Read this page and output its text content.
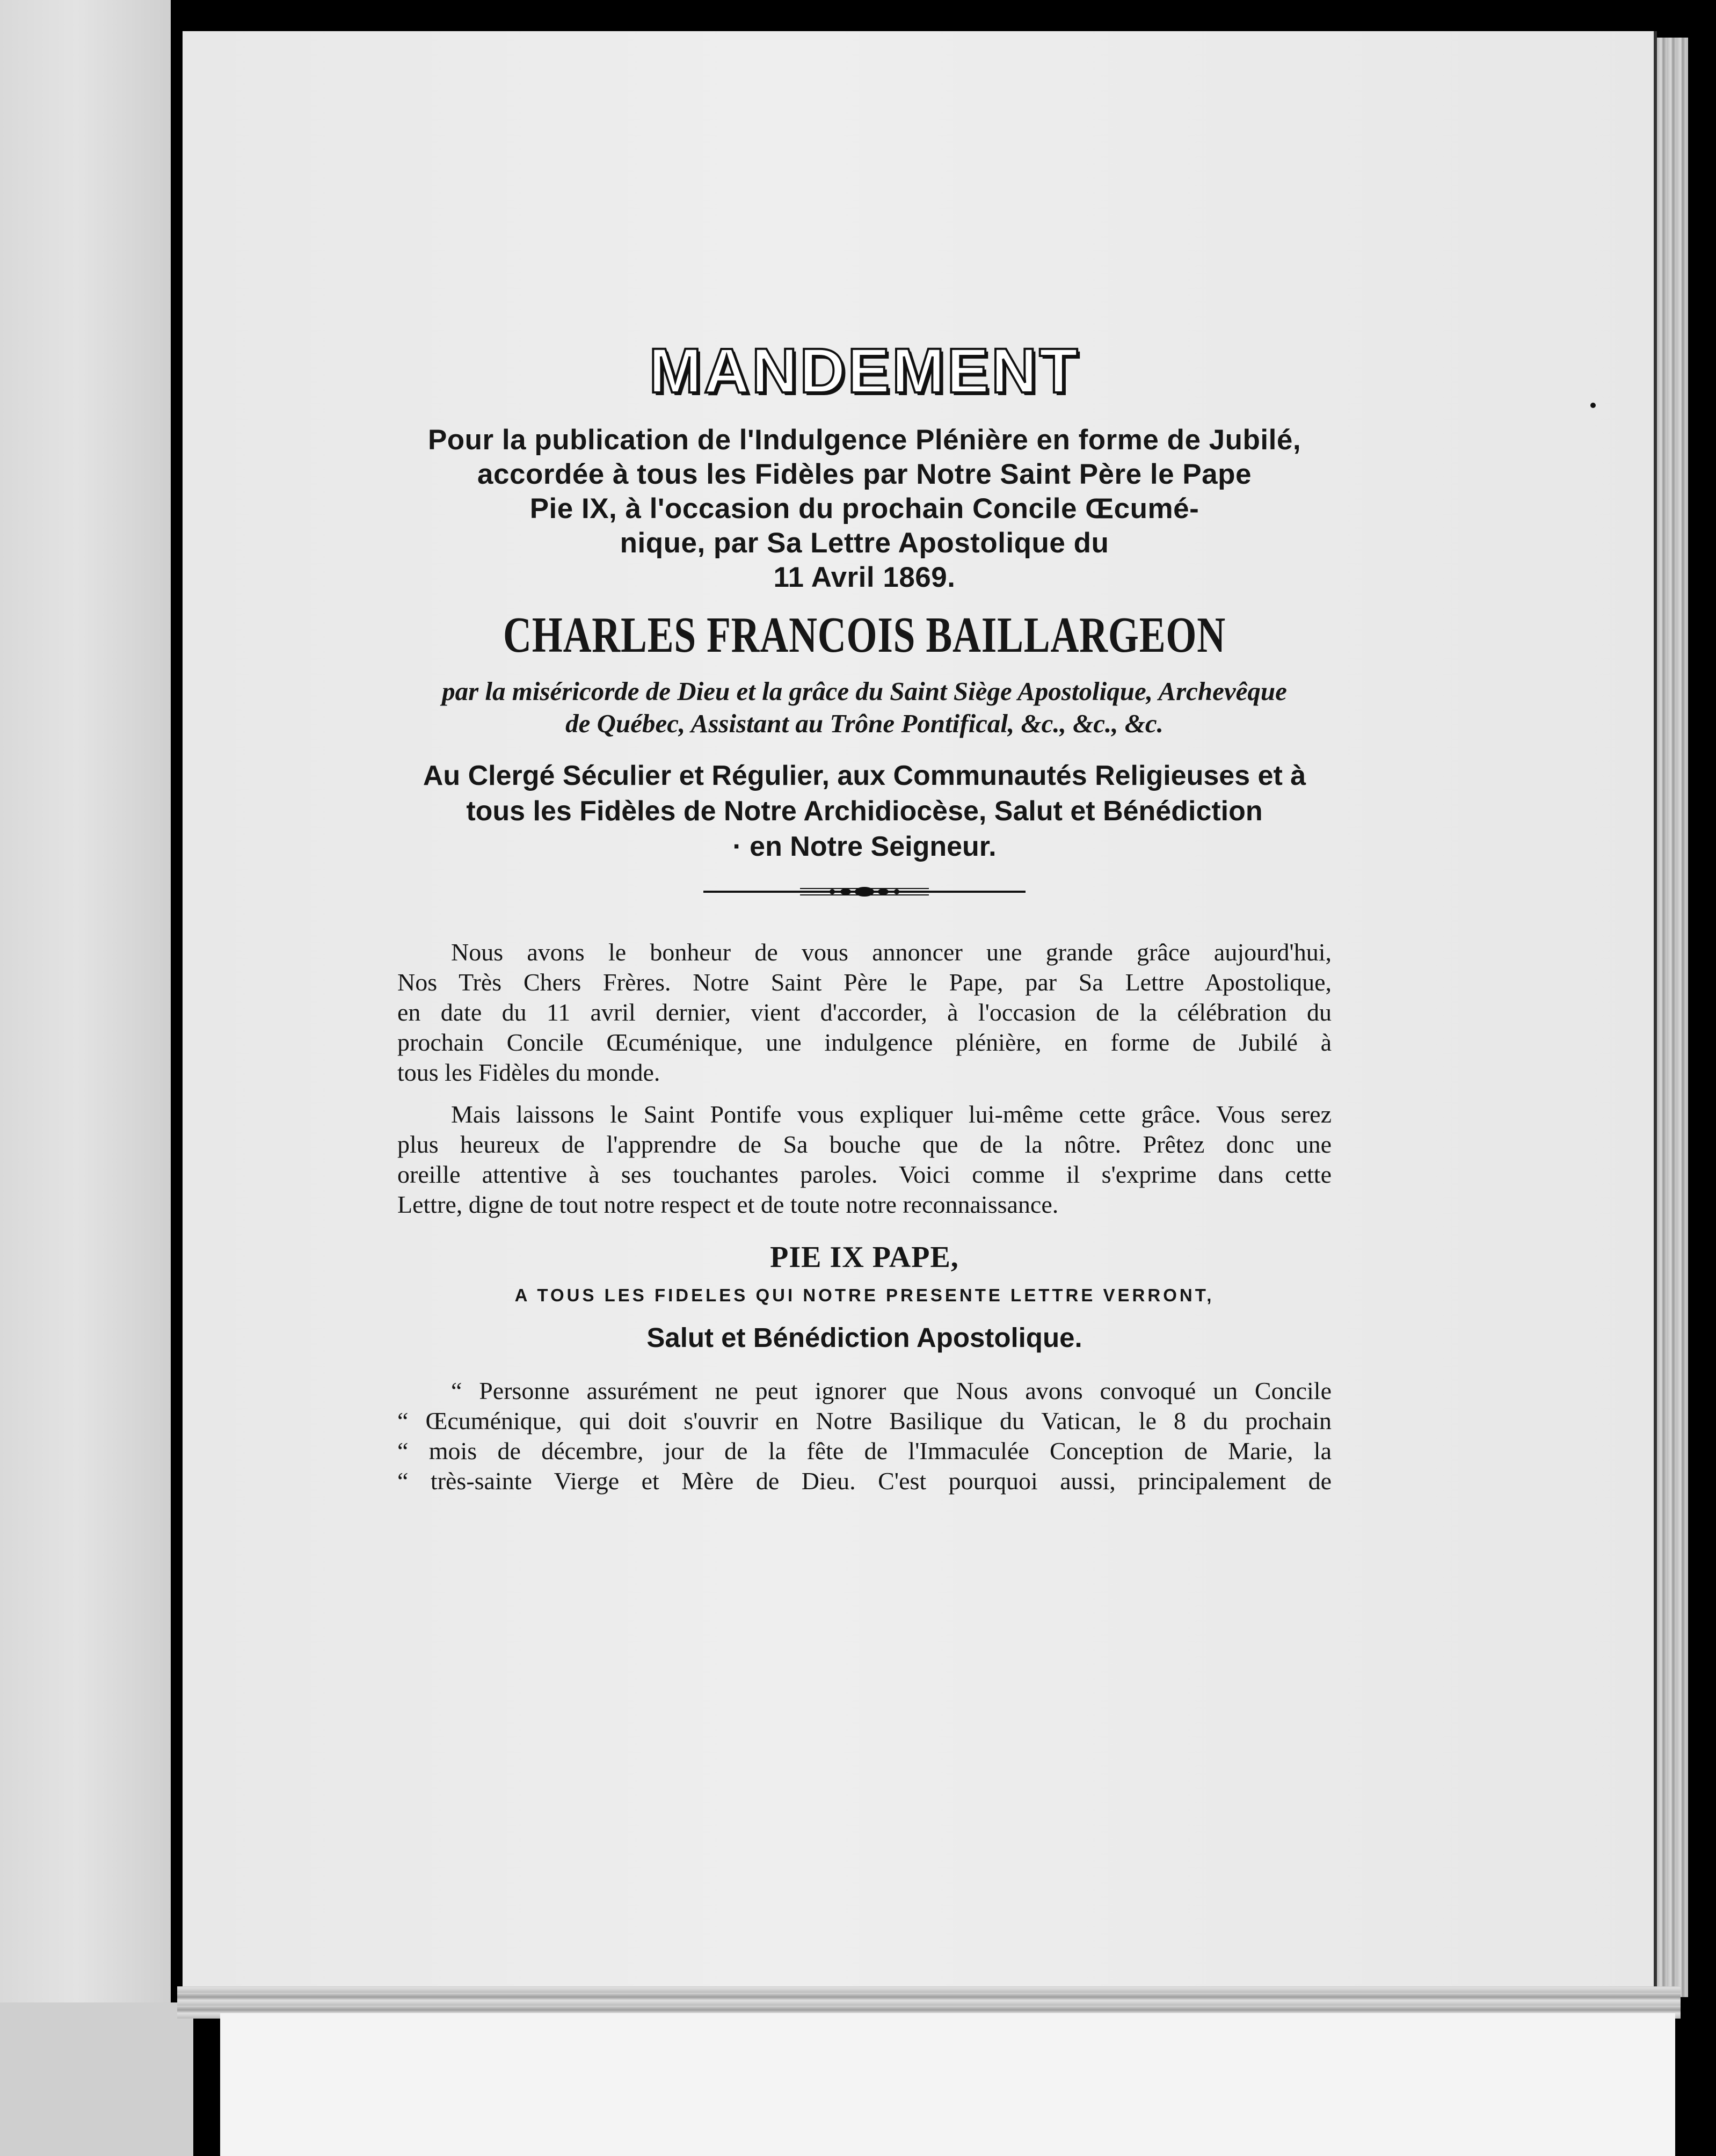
MANDEMENT
Pour la publication de l'Indulgence Plénière en forme de Jubilé,
accordée à tous les Fidèles par Notre Saint Père le Pape
Pie IX, à l'occasion du prochain Concile Œcumé-
nique, par Sa Lettre Apostolique du
11 Avril 1869.
CHARLES FRANCOIS BAILLARGEON
par la miséricorde de Dieu et la grâce du Saint Siège Apostolique, Archevêque
de Québec, Assistant au Trône Pontifical, &c., &c., &c.
Au Clergé Séculier et Régulier, aux Communautés Religieuses et à
tous les Fidèles de Notre Archidiocèse, Salut et Bénédiction
· en Notre Seigneur.
Nous avons le bonheur de vous annoncer une grande grâce aujourd'hui,
Nos Très Chers Frères. Notre Saint Père le Pape, par Sa Lettre Apostolique,
en date du 11 avril dernier, vient d'accorder, à l'occasion de la célébration du
prochain Concile Œcuménique, une indulgence plénière, en forme de Jubilé à
tous les Fidèles du monde.
Mais laissons le Saint Pontife vous expliquer lui-même cette grâce. Vous serez
plus heureux de l'apprendre de Sa bouche que de la nôtre. Prêtez donc une
oreille attentive à ses touchantes paroles. Voici comme il s'exprime dans cette
Lettre, digne de tout notre respect et de toute notre reconnaissance.
PIE IX PAPE,
A TOUS LES FIDELES QUI NOTRE PRESENTE LETTRE VERRONT,
Salut et Bénédiction Apostolique.
“ Personne assurément ne peut ignorer que Nous avons convoqué un Concile
“ Œcuménique, qui doit s'ouvrir en Notre Basilique du Vatican, le 8 du prochain
“ mois de décembre, jour de la fête de l'Immaculée Conception de Marie, la
“ très-sainte Vierge et Mère de Dieu. C'est pourquoi aussi, principalement de
